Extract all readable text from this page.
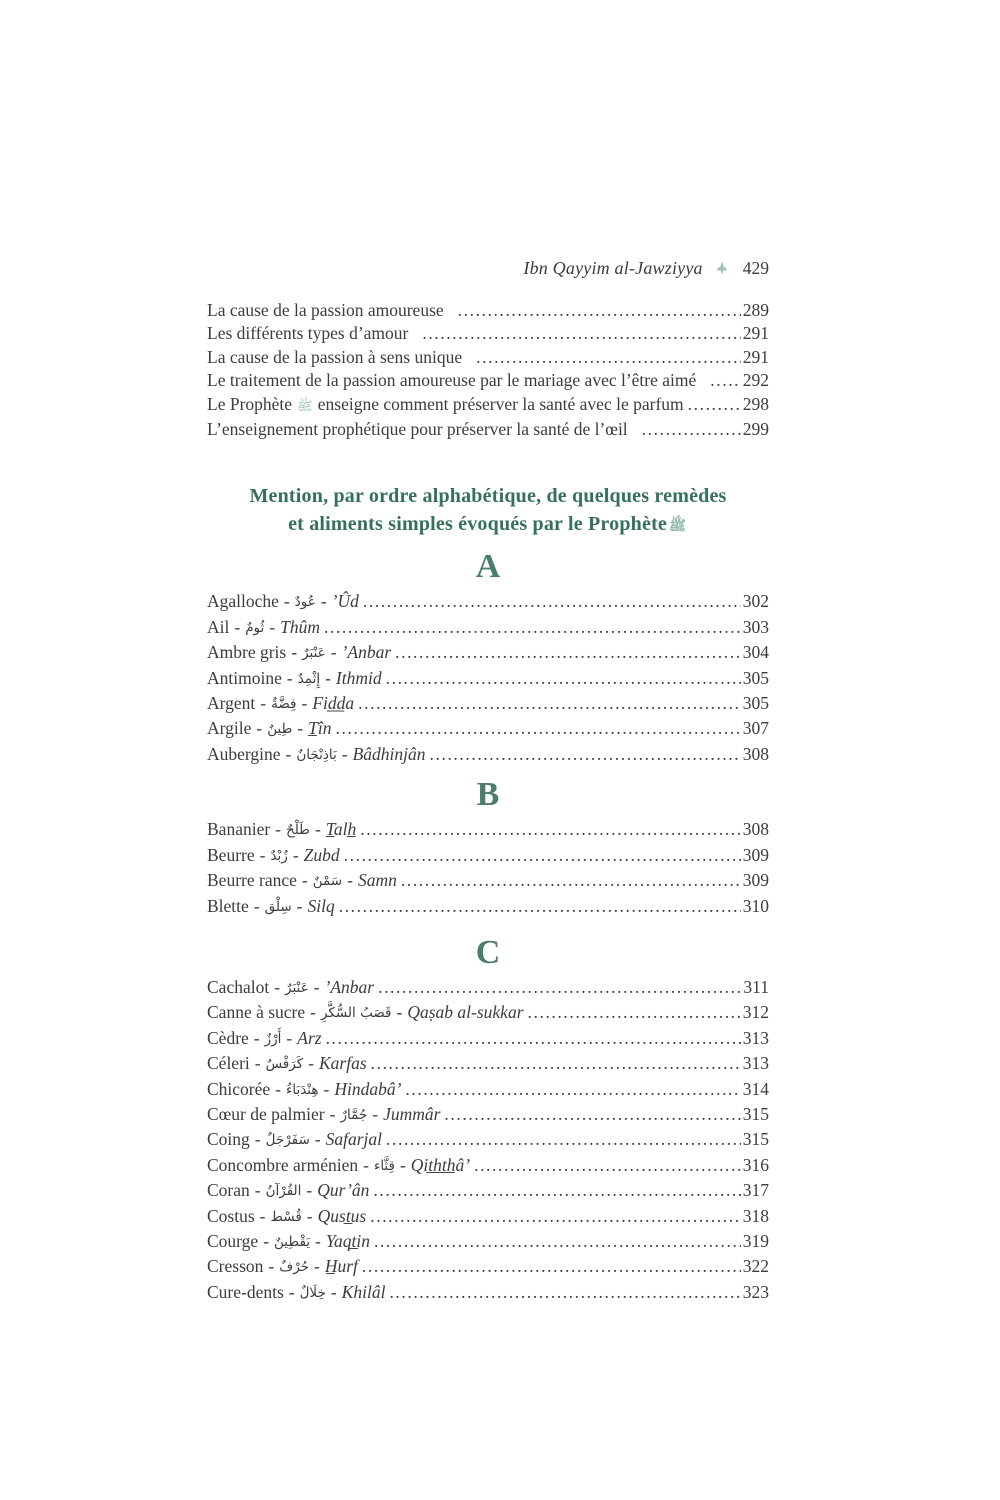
Ibn Qayyim al-Jawziyya 429
La cause de la passion amoureuse .....	289
Les différents types d’amour .....	291
La cause de la passion à sens unique .....	291
Le traitement de la passion amoureuse par le mariage avec l’être aimé .....	292
Le Prophète ﷺ enseigne comment préserver la santé avec le parfum .....	298
L’enseignement prophétique pour préserver la santé de l’œil .....	299
Mention, par ordre alphabétique, de quelques remèdes
et aliments simples évoqués par le Prophète ﷺ
A
Agalloche - عُودٌ - ’Ûd .....	302
Ail - ثُومٌ - Thûm .....	303
Ambre gris - عَنْبَرٌ - ’Anbar .....	304
Antimoine - إِثْمِدٌ - Ithmid .....	305
Argent - فِضَّةٌ - Fid̲d̲a .....	305
Argile - طِينٌ - T̲în .....	307
Aubergine - بَاذِنْجَانٌ - Bâdhinjân .....	308
B
Bananier - طَلْحٌ - T̲alh̲ .....	308
Beurre - زُبْدٌ - Zubd .....	309
Beurre rance - سَمْنٌ - Samn .....	309
Blette - سِلْق - Silq .....	310
C
Cachalot - عَنْبَرٌ - ’Anbar .....	311
Canne à sucre - قَصَبُ السُّكَّرِ - Qaṣab al-sukkar .....	312
Cèdre - أَرْزٌ - Arz .....	313
Céleri - كَرَفْسٌ - Karfas .....	313
Chicorée - هِنْدَبَاءُ - Hindabâ’ .....	314
Cœur de palmier - جُمَّارٌ - Jummâr .....	315
Coing - سَفَرْجَلٌ - Safarjal .....	315
Concombre arménien - قِثَّاء - Qit̲h̲t̲h̲â’ .....	316
Coran - القُرْآنُ - Qur’ân .....	317
Costus - قُسْط - Qust̲us .....	318
Courge - يَقْطِينٌ - Yaqt̲in .....	319
Cresson - حُرْفٌ - H̲urf .....	322
Cure-dents - خِلَالٌ - Khilâl .....	323
